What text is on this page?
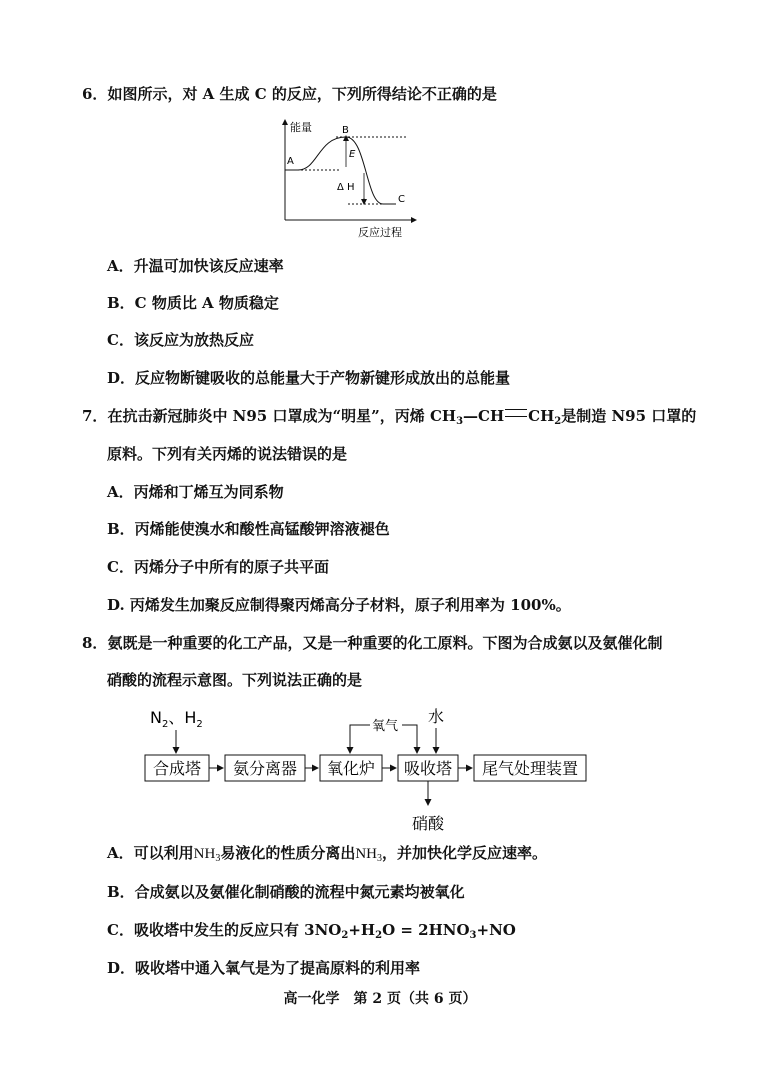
6．如图所示，对 A 生成 C 的反应，下列所得结论不正确的是
能量
反应过程
A
B
C
E
Δ H
A．升温可加快该反应速率
B．C 物质比 A 物质稳定
C．该反应为放热反应
D．反应物断键吸收的总能量大于产物新键形成放出的总能量
7．在抗击新冠肺炎中 N95 口罩成为“明星”，丙烯 $CH_3—CH$ $CH_2$是制造 N95 口罩的
原料。下列有关丙烯的说法错误的是
A．丙烯和丁烯互为同系物
B．丙烯能使溴水和酸性高锰酸钾溶液褪色
C．丙烯分子中所有的原子共平面
D. 丙烯发生加聚反应制得聚丙烯高分子材料，原子利用率为 100%。
8．氨既是一种重要的化工产品，又是一种重要的化工原料。下图为合成氨以及氨催化制
硝酸的流程示意图。下列说法正确的是
$N_2$、$H_2$
合成塔 氨分离器 氧化炉 吸收塔 尾气处理装置
氧气
水
硝酸
A．可以利用$NH_3$易液化的性质分离出$NH_3$，并加快化学反应速率。
B．合成氨以及氨催化制硝酸的流程中氮元素均被氧化
C．吸收塔中发生的反应只有 $3NO_2+H_2O = 2HNO_3+NO$
D．吸收塔中通入氧气是为了提高原料的利用率
高一化学　第 2 页（共 6 页）
